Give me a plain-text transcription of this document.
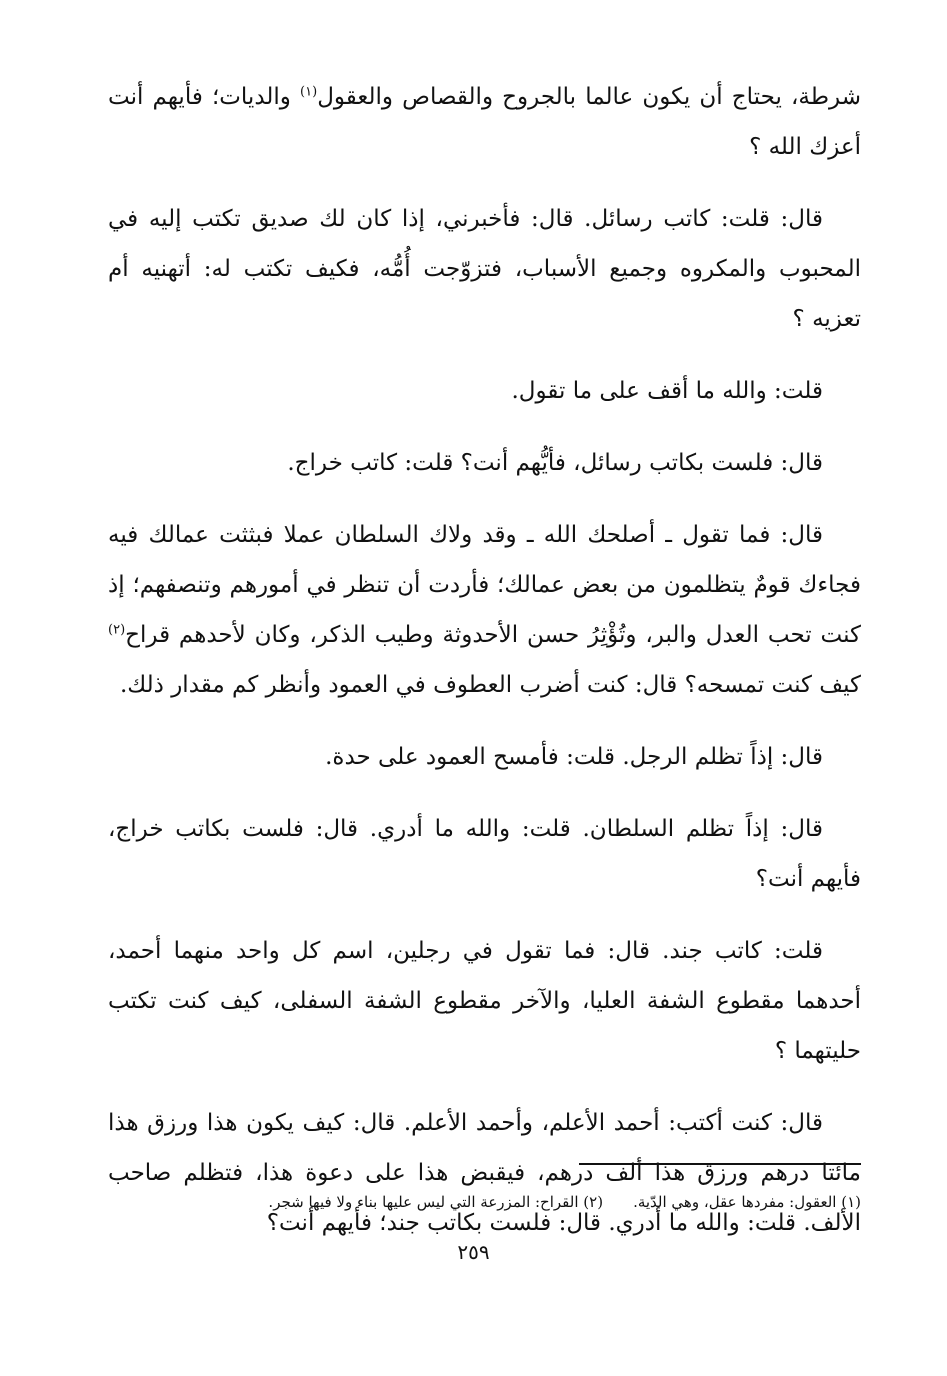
شرطة، يحتاج أن يكون عالما بالجروح والقصاص والعقول$^{(١)}$ والديات؛ فأيهم أنت أعزك الله ؟

قال: قلت: كاتب رسائل. قال: فأخبرني، إذا كان لك صديق تكتب إليه في المحبوب والمكروه وجميع الأسباب، فتزوّجت أُمُّه، فكيف تكتب له: أتهنيه أم تعزيه ؟

قلت: والله ما أقف على ما تقول.

قال: فلست بكاتب رسائل، فأيُّهم أنت؟ قلت: كاتب خراج.

قال: فما تقول ـ أصلحك الله ـ وقد ولاك السلطان عملا فبثثت عمالك فيه فجاءك قومٌ يتظلمون من بعض عمالك؛ فأردت أن تنظر في أمورهم وتنصفهم؛ إذ كنت تحب العدل والبر، وتُؤْثِرُ حسن الأحدوثة وطيب الذكر، وكان لأحدهم قراح$^{(٢)}$ كيف كنت تمسحه؟ قال: كنت أضرب العطوف في العمود وأنظر كم مقدار ذلك.

قال: إذاً تظلم الرجل. قلت: فأمسح العمود على حدة.

قال: إذاً تظلم السلطان. قلت: والله ما أدري. قال: فلست بكاتب خراج، فأيهم أنت؟

قلت: كاتب جند. قال: فما تقول في رجلين، اسم كل واحد منهما أحمد، أحدهما مقطوع الشفة العليا، والآخر مقطوع الشفة السفلى، كيف كنت تكتب حليتهما ؟

قال: كنت أكتب: أحمد الأعلم، وأحمد الأعلم. قال: كيف يكون هذا ورزق هذا مائتا درهم ورزق هذا ألف درهم، فيقبض هذا على دعوة هذا، فتظلم صاحب الألف. قلت: والله ما أدري. قال: فلست بكاتب جند؛ فأيهم أنت؟

(١) العقول: مفردها عقل، وهي الدّية.
(٢) القراح: المزرعة التي ليس عليها بناء ولا فيها شجر.
٢٥٩
